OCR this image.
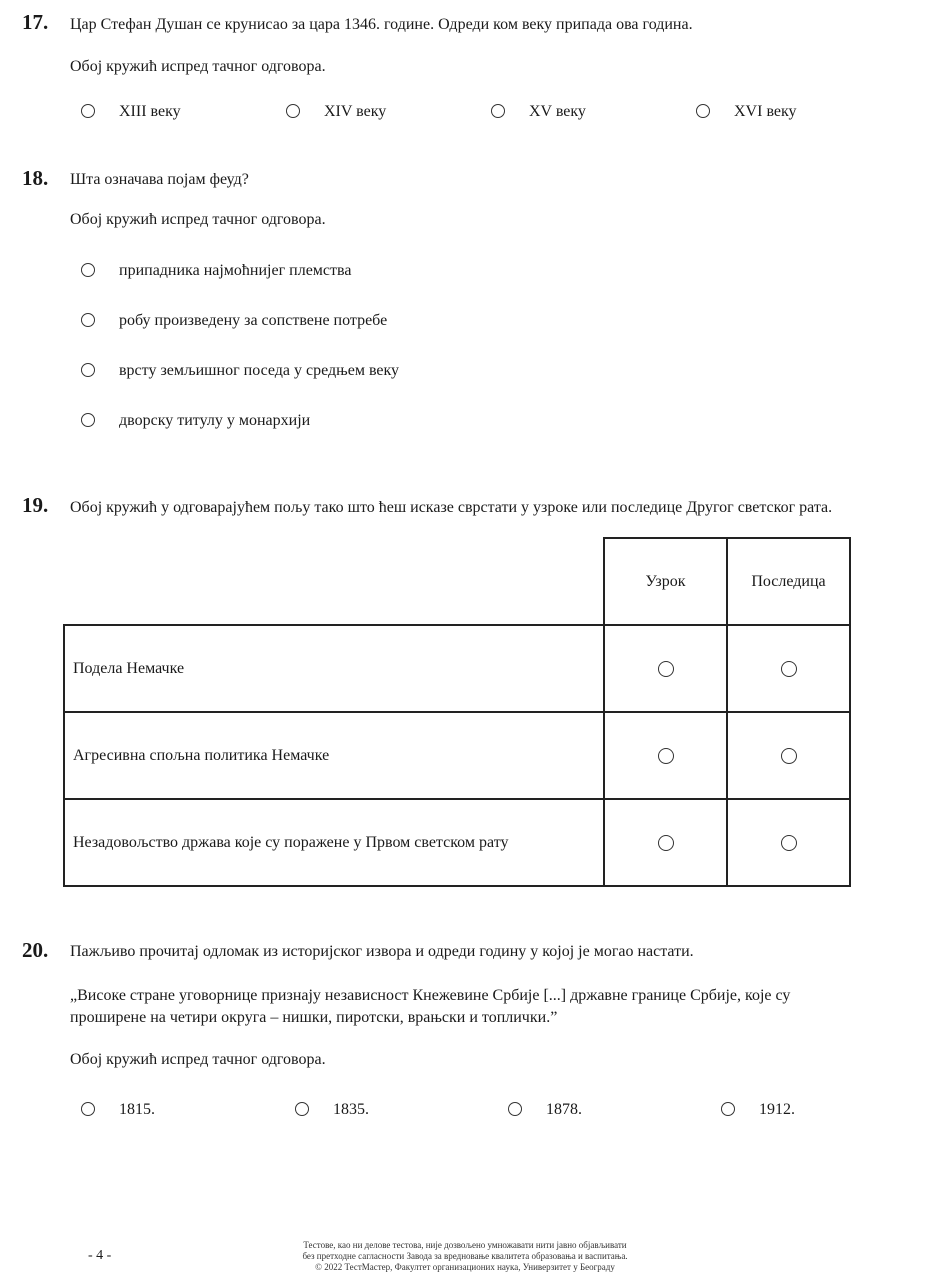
17. Цар Стефан Душан се крунисао за цара 1346. године. Одреди ком веку припада ова година.
Обој кружић испред тачног одговора.
XIII веку	XIV веку	XV веку	XVI веку
18. Шта означава појам феуд?
Обој кружић испред тачног одговора.
припадника најмоћнијег племства
робу произведену за сопствене потребе
врсту земљишног поседа у средњем веку
дворску титулу у монархији
19. Обој кружић у одговарајућем пољу тако што ћеш исказе сврстати у узроке или последице Другог светског рата.
	Узрок	Последица
Подела Немачке		
Агресивна спољна политика Немачке		
Незадовољство држава које су поражене у Првом светском рату		
20. Пажљиво прочитај одломак из историјског извора и одреди годину у којој је могао настати.
„Високе стране уговорнице признају независност Кнежевине Србије [...] државне границе Србије, које су проширене на четири округа – нишки, пиротски, врањски и топлички.”
Обој кружић испред тачног одговора.
1815.	1835.	1878.	1912.
- 4 -
Тестове, као ни делове тестова, није дозвољено умножавати нити јавно објављивати
без претходне сагласности Завода за вредновање квалитета образовања и васпитања.
© 2022 ТестМастер, Факултет организационих наука, Универзитет у Београду
